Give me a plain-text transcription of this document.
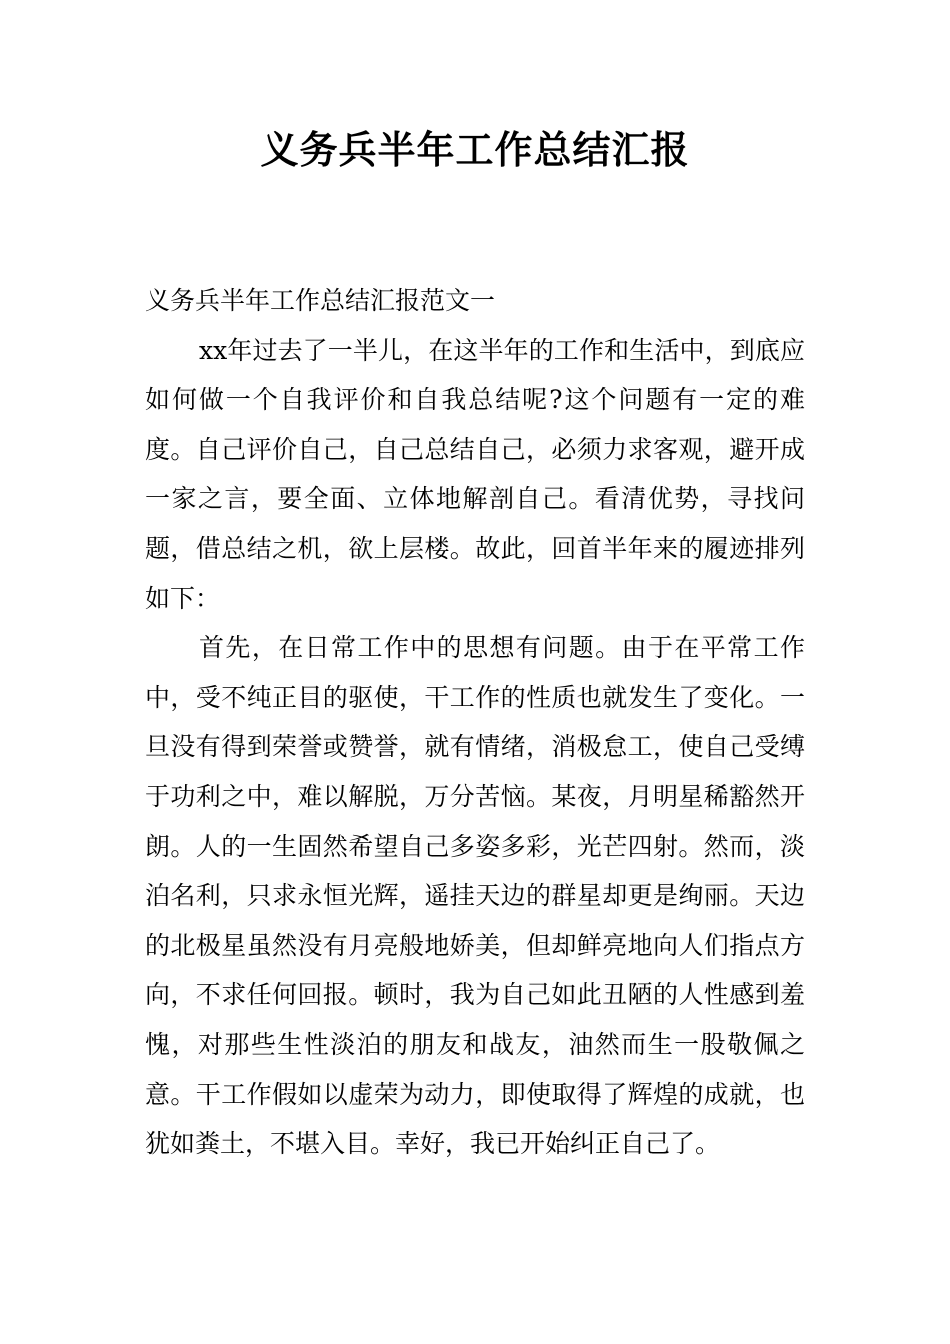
义务兵半年工作总结汇报

义务兵半年工作总结汇报范文一

xx年过去了一半儿，在这半年的工作和生活中，到底应如何做一个自我评价和自我总结呢?这个问题有一定的难度。自己评价自己，自己总结自己，必须力求客观，避开成一家之言，要全面、立体地解剖自己。看清优势，寻找问题，借总结之机，欲上层楼。故此，回首半年来的履迹排列如下：

首先，在日常工作中的思想有问题。由于在平常工作中，受不纯正目的驱使，干工作的性质也就发生了变化。一旦没有得到荣誉或赞誉，就有情绪，消极怠工，使自己受缚于功利之中，难以解脱，万分苦恼。某夜，月明星稀豁然开朗。人的一生固然希望自己多姿多彩，光芒四射。然而，淡泊名利，只求永恒光辉，遥挂天边的群星却更是绚丽。天边的北极星虽然没有月亮般地娇美，但却鲜亮地向人们指点方向，不求任何回报。顿时，我为自己如此丑陋的人性感到羞愧，对那些生性淡泊的朋友和战友，油然而生一股敬佩之意。干工作假如以虚荣为动力，即使取得了辉煌的成就，也犹如粪土，不堪入目。幸好，我已开始纠正自己了。
